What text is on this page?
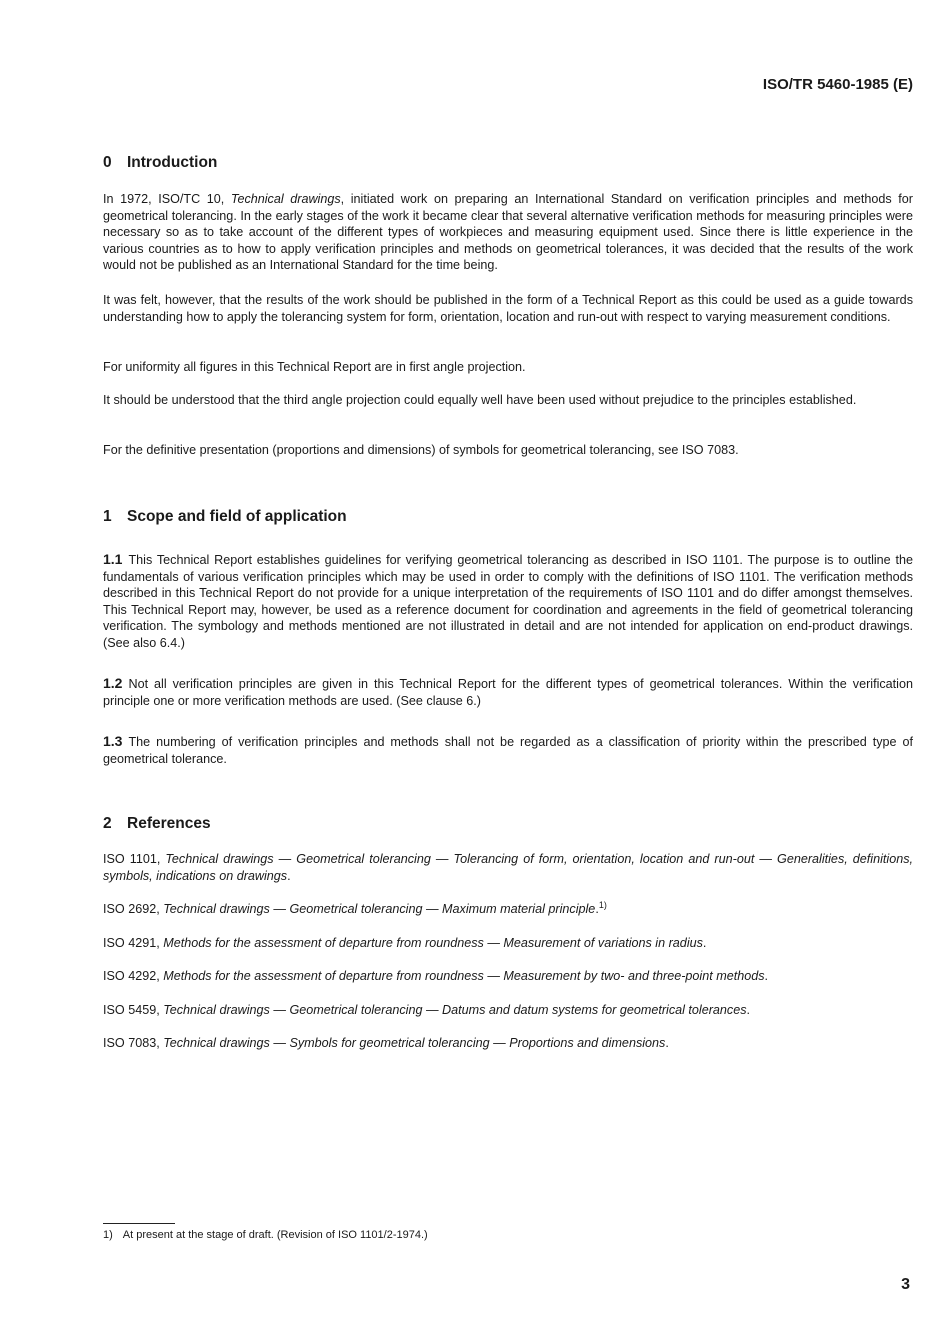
ISO/TR 5460-1985 (E)
0 Introduction
In 1972, ISO/TC 10, Technical drawings, initiated work on preparing an International Standard on verification principles and methods for geometrical tolerancing. In the early stages of the work it became clear that several alternative verification methods for measuring principles were necessary so as to take account of the different types of workpieces and measuring equipment used. Since there is little experience in the various countries as to how to apply verification principles and methods on geometrical tolerances, it was decided that the results of the work would not be published as an International Standard for the time being.
It was felt, however, that the results of the work should be published in the form of a Technical Report as this could be used as a guide towards understanding how to apply the tolerancing system for form, orientation, location and run-out with respect to varying measurement conditions.
For uniformity all figures in this Technical Report are in first angle projection.
It should be understood that the third angle projection could equally well have been used without prejudice to the principles established.
For the definitive presentation (proportions and dimensions) of symbols for geometrical tolerancing, see ISO 7083.
1 Scope and field of application
1.1 This Technical Report establishes guidelines for verifying geometrical tolerancing as described in ISO 1101. The purpose is to outline the fundamentals of various verification principles which may be used in order to comply with the definitions of ISO 1101. The verification methods described in this Technical Report do not provide for a unique interpretation of the requirements of ISO 1101 and do differ amongst themselves. This Technical Report may, however, be used as a reference document for coordination and agreements in the field of geometrical tolerancing verification. The symbology and methods mentioned are not illustrated in detail and are not intended for application on end-product drawings. (See also 6.4.)
1.2 Not all verification principles are given in this Technical Report for the different types of geometrical tolerances. Within the verification principle one or more verification methods are used. (See clause 6.)
1.3 The numbering of verification principles and methods shall not be regarded as a classification of priority within the prescribed type of geometrical tolerance.
2 References
ISO 1101, Technical drawings — Geometrical tolerancing — Tolerancing of form, orientation, location and run-out — Generalities, definitions, symbols, indications on drawings.
ISO 2692, Technical drawings — Geometrical tolerancing — Maximum material principle.$^{1)}$
ISO 4291, Methods for the assessment of departure from roundness — Measurement of variations in radius.
ISO 4292, Methods for the assessment of departure from roundness — Measurement by two- and three-point methods.
ISO 5459, Technical drawings — Geometrical tolerancing — Datums and datum systems for geometrical tolerances.
ISO 7083, Technical drawings — Symbols for geometrical tolerancing — Proportions and dimensions.
1) At present at the stage of draft. (Revision of ISO 1101/2-1974.)
3
